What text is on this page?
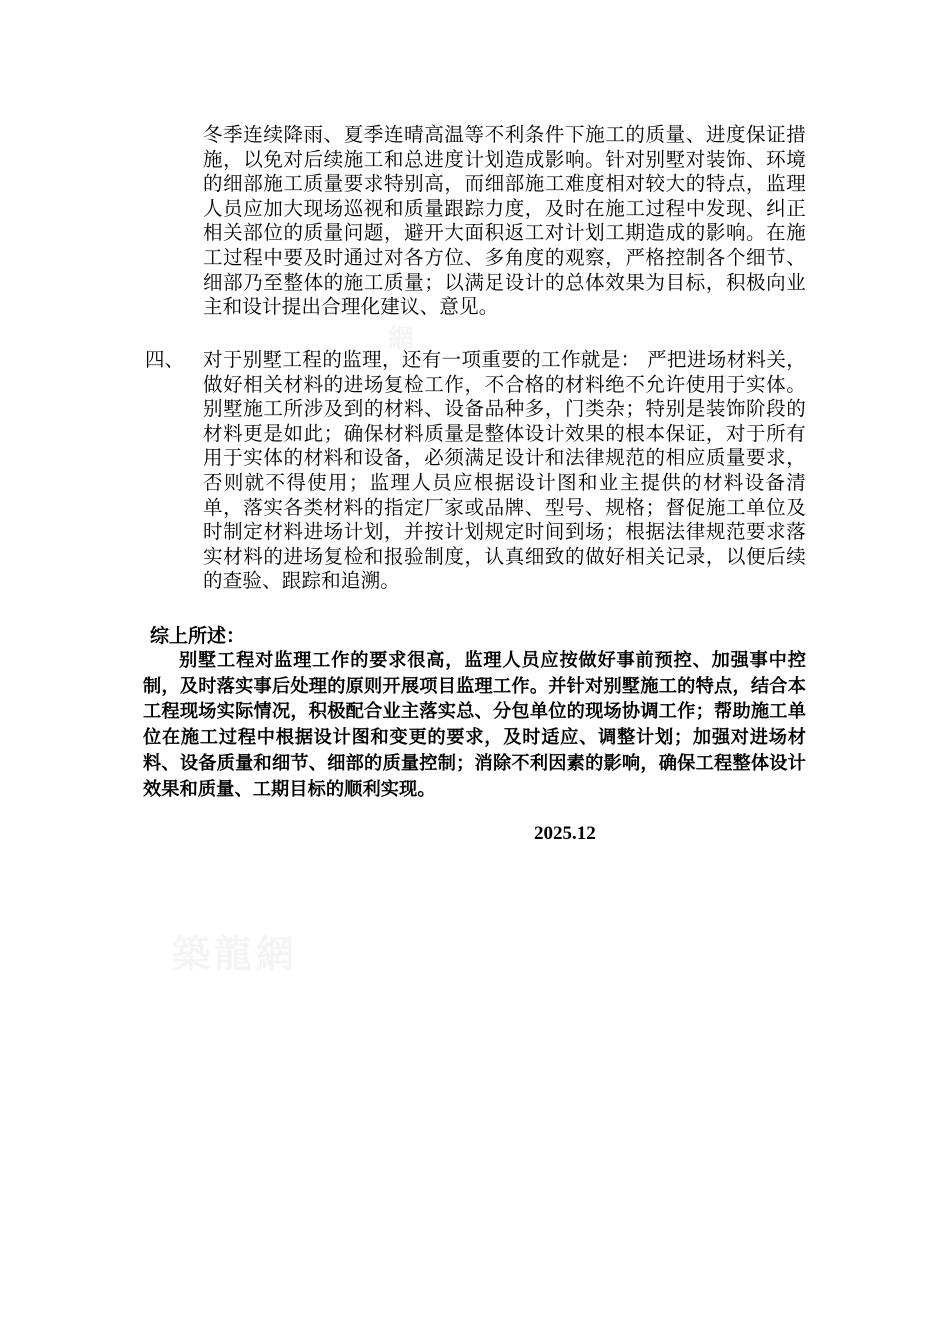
冬季连续降雨、夏季连晴高温等不利条件下施工的质量、进度保证措施，以免对后续施工和总进度计划造成影响。针对别墅对装饰、环境的细部施工质量要求特别高，而细部施工难度相对较大的特点，监理人员应加大现场巡视和质量跟踪力度，及时在施工过程中发现、纠正相关部位的质量问题，避开大面积返工对计划工期造成的影响。在施工过程中要及时通过对各方位、多角度的观察，严格控制各个细节、细部乃至整体的施工质量；以满足设计的总体效果为目标，积极向业主和设计提出合理化建议、意见。
四、 对于别墅工程的监理，还有一项重要的工作就是： 严把进场材料关，做好相关材料的进场复检工作，不合格的材料绝不允许使用于实体。别墅施工所涉及到的材料、设备品种多，门类杂；特别是装饰阶段的材料更是如此；确保材料质量是整体设计效果的根本保证，对于所有用于实体的材料和设备，必须满足设计和法律规范的相应质量要求，否则就不得使用；监理人员应根据设计图和业主提供的材料设备清单，落实各类材料的指定厂家或品牌、型号、规格；督促施工单位及时制定材料进场计划，并按计划规定时间到场；根据法律规范要求落实材料的进场复检和报验制度，认真细致的做好相关记录，以便后续的查验、跟踪和追溯。
综上所述：
别墅工程对监理工作的要求很高，监理人员应按做好事前预控、加强事中控制，及时落实事后处理的原则开展项目监理工作。并针对别墅施工的特点，结合本工程现场实际情况，积极配合业主落实总、分包单位的现场协调工作；帮助施工单位在施工过程中根据设计图和变更的要求，及时适应、调整计划；加强对进场材料、设备质量和细节、细部的质量控制；消除不利因素的影响，确保工程整体设计效果和质量、工期目标的顺利实现。
2025.12
